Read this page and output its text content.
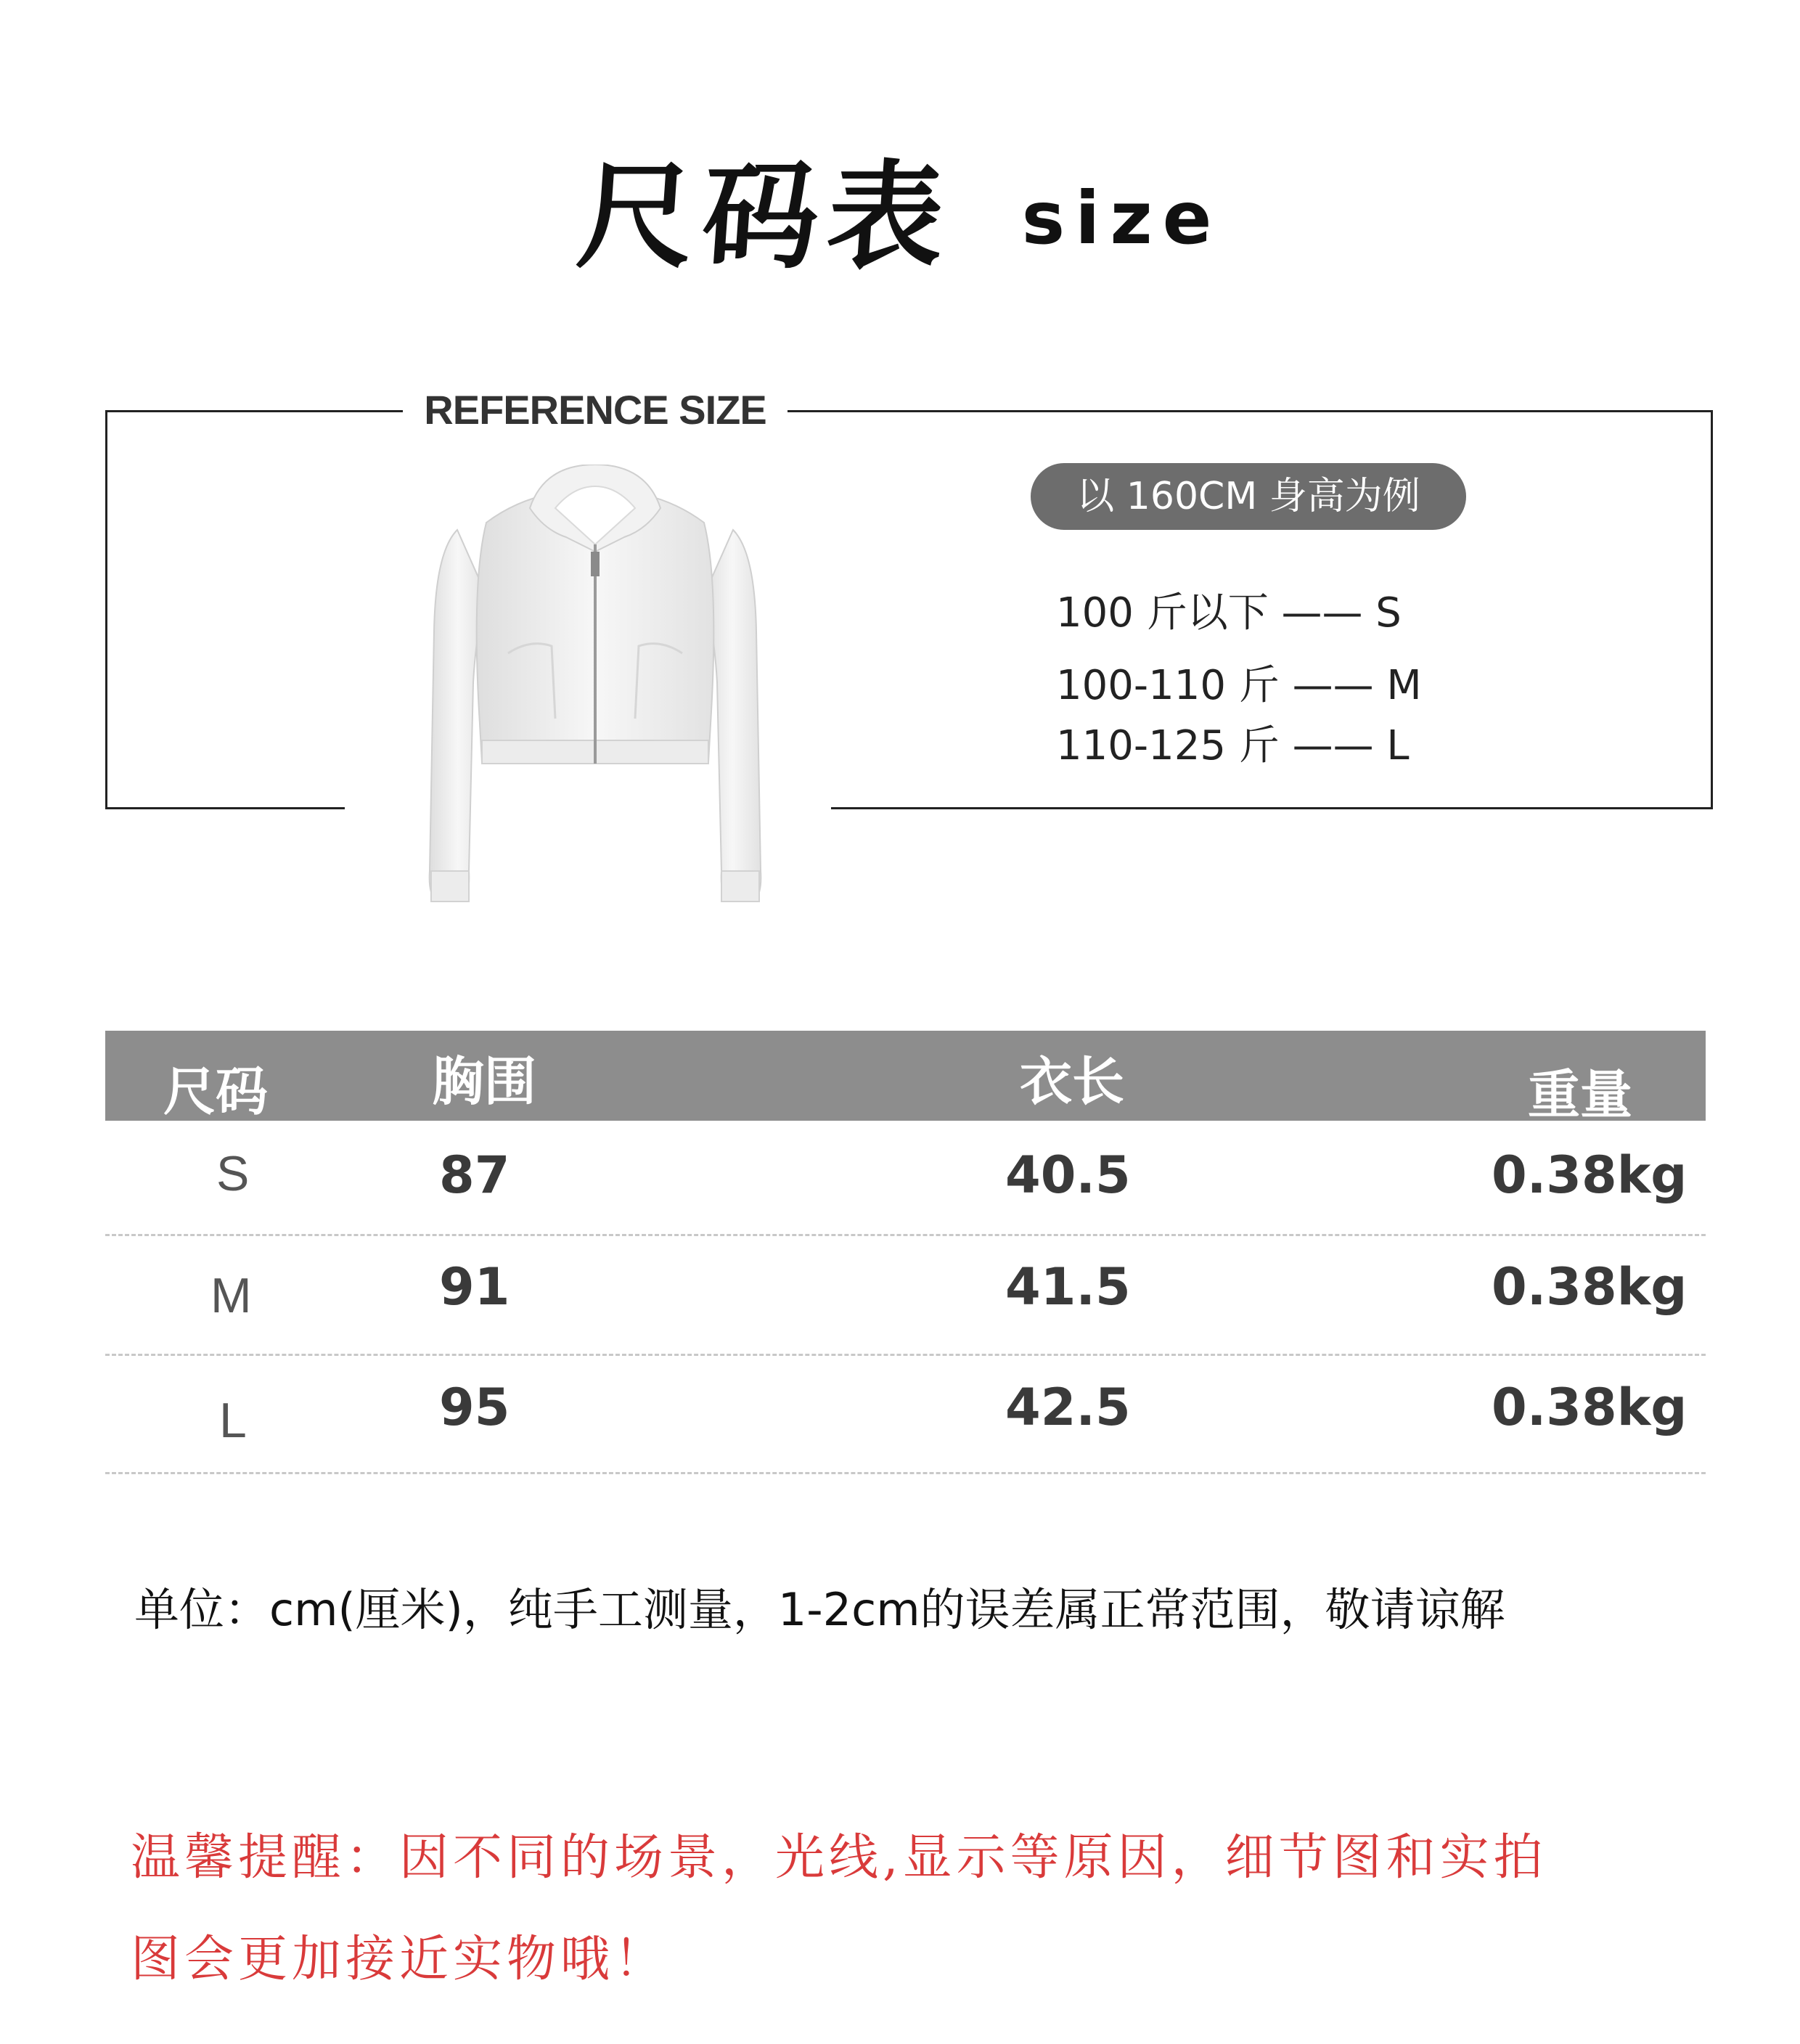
尺码表 size
REFERENCE SIZE
以 160CM 身高为例
100 斤以下 —— S
100-110 斤 —— M
110-125 斤 —— L
尺码	胸围	衣长	重量
S	87	40.5	0.38kg
M	91	41.5	0.38kg
L	95	42.5	0.38kg
单位：cm(厘米)，纯手工测量，1-2cm的误差属正常范围，敬请谅解
温馨提醒：因不同的场景，光线,显示等原因，细节图和实拍
图会更加接近实物哦！
